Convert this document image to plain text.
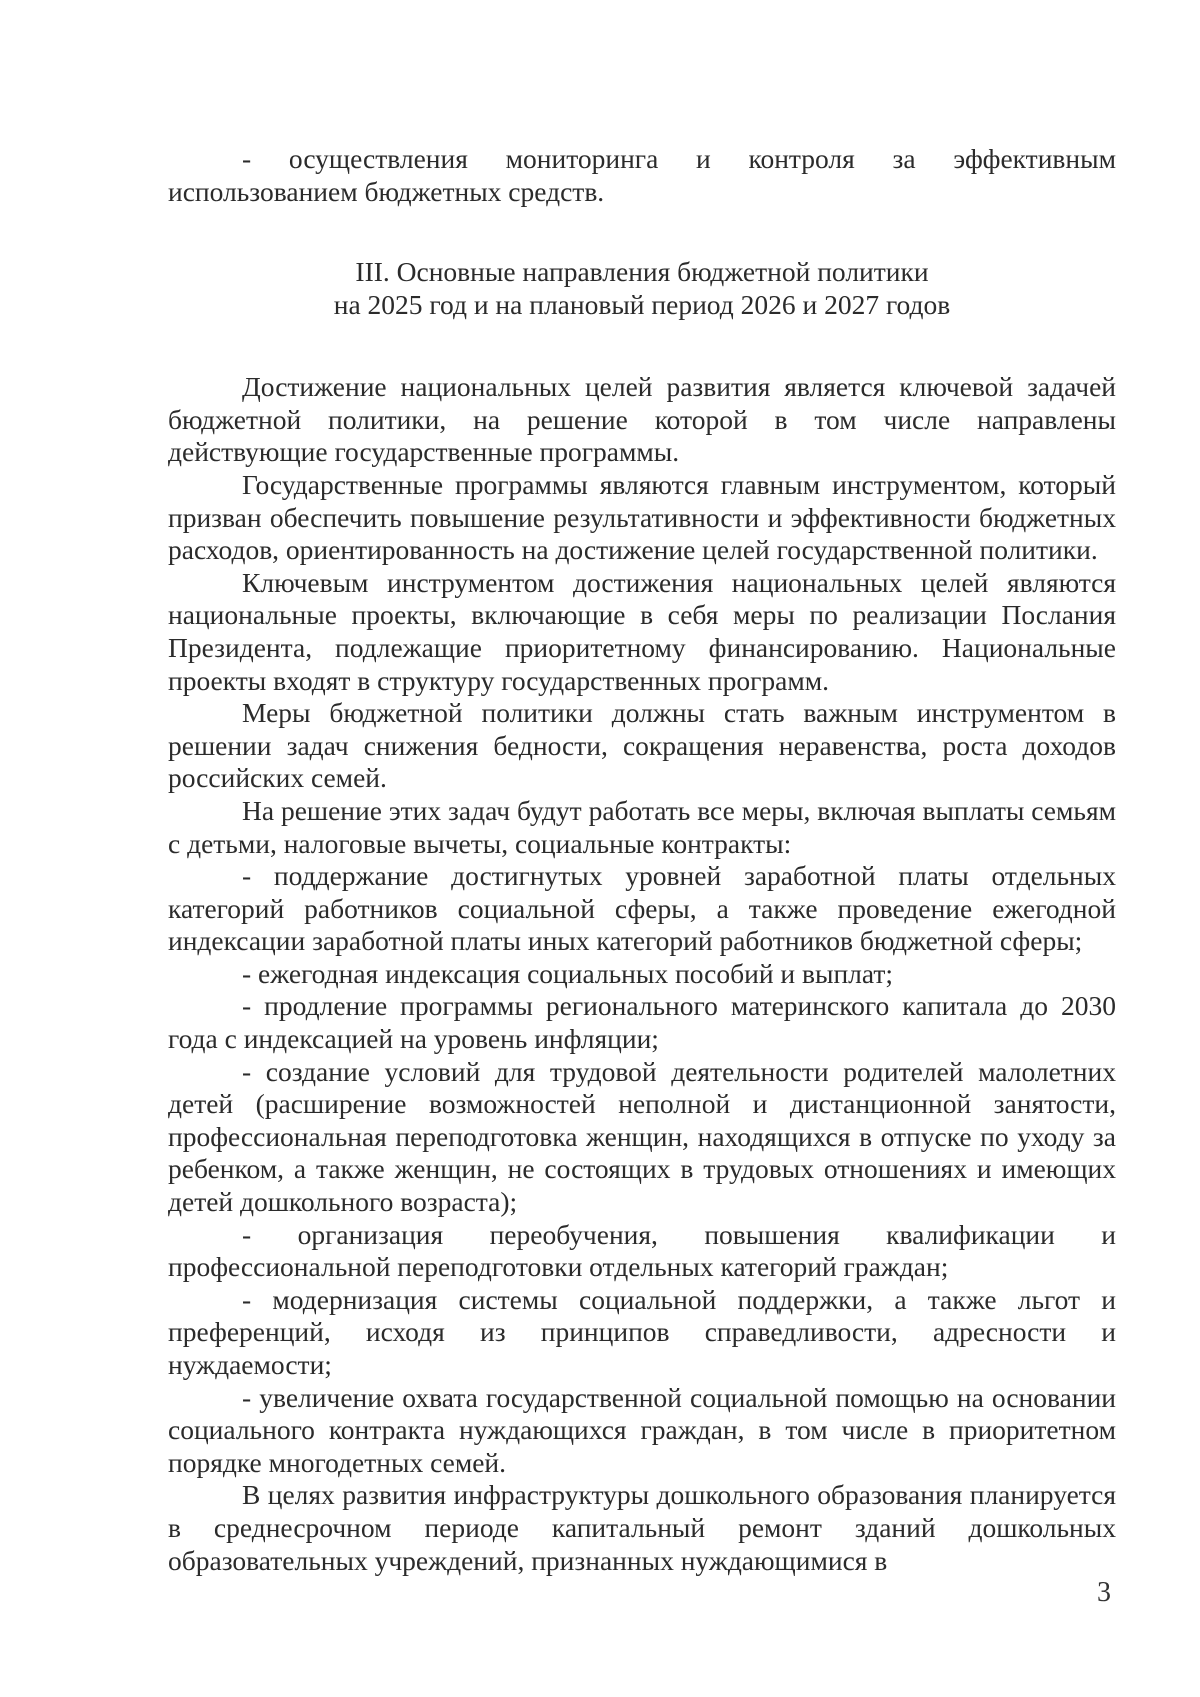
- осуществления мониторинга и контроля за эффективным использованием бюджетных средств.

III. Основные направления бюджетной политики
на 2025 год и на плановый период 2026 и 2027 годов

Достижение национальных целей развития является ключевой задачей бюджетной политики, на решение которой в том числе направлены действующие государственные программы.

Государственные программы являются главным инструментом, который призван обеспечить повышение результативности и эффективности бюджетных расходов, ориентированность на достижение целей государственной политики.

Ключевым инструментом достижения национальных целей являются национальные проекты, включающие в себя меры по реализации Послания Президента, подлежащие приоритетному финансированию. Национальные проекты входят в структуру государственных программ.

Меры бюджетной политики должны стать важным инструментом в решении задач снижения бедности, сокращения неравенства, роста доходов российских семей.

На решение этих задач будут работать все меры, включая выплаты семьям с детьми, налоговые вычеты, социальные контракты:

- поддержание достигнутых уровней заработной платы отдельных категорий работников социальной сферы, а также проведение ежегодной индексации заработной платы иных категорий работников бюджетной сферы;

- ежегодная индексация социальных пособий и выплат;

- продление программы регионального материнского капитала до 2030 года с индексацией на уровень инфляции;

- создание условий для трудовой деятельности родителей малолетних детей (расширение возможностей неполной и дистанционной занятости, профессиональная переподготовка женщин, находящихся в отпуске по уходу за ребенком, а также женщин, не состоящих в трудовых отношениях и имеющих детей дошкольного возраста);

- организация переобучения, повышения квалификации и профессиональной переподготовки отдельных категорий граждан;

- модернизация системы социальной поддержки, а также льгот и преференций, исходя из принципов справедливости, адресности и нуждаемости;

- увеличение охвата государственной социальной помощью на основании социального контракта нуждающихся граждан, в том числе в приоритетном порядке многодетных семей.

В целях развития инфраструктуры дошкольного образования планируется в среднесрочном периоде капитальный ремонт зданий дошкольных образовательных учреждений, признанных нуждающимися в

3
